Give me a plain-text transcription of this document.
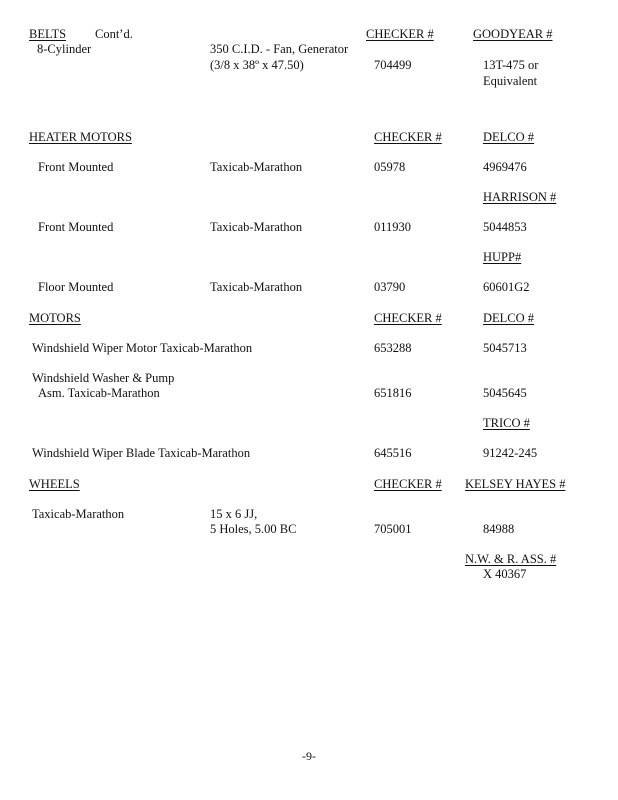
BELTS Cont’d.	CHECKER #	GOODYEAR #
8-Cylinder	350 C.I.D. - Fan, Generator
(3/8 x 38º x 47.50)	704499	13T-475 or
Equivalent
HEATER MOTORS	CHECKER #	DELCO #
Front Mounted	Taxicab-Marathon	05978	4969476
HARRISON #
Front Mounted	Taxicab-Marathon	011930	5044853
HUPP#
Floor Mounted	Taxicab-Marathon	03790	60601G2
MOTORS	CHECKER #	DELCO #
Windshield Wiper Motor Taxicab-Marathon	653288	5045713
Windshield Washer & Pump
Asm. Taxicab-Marathon	651816	5045645
TRICO #
Windshield Wiper Blade Taxicab-Marathon	645516	91242-245
WHEELS	CHECKER # KELSEY HAYES #
Taxicab-Marathon	15 x 6 JJ,
5 Holes, 5.00 BC	705001	84988
N.W. & R. ASS. #
X 40367
-9-
